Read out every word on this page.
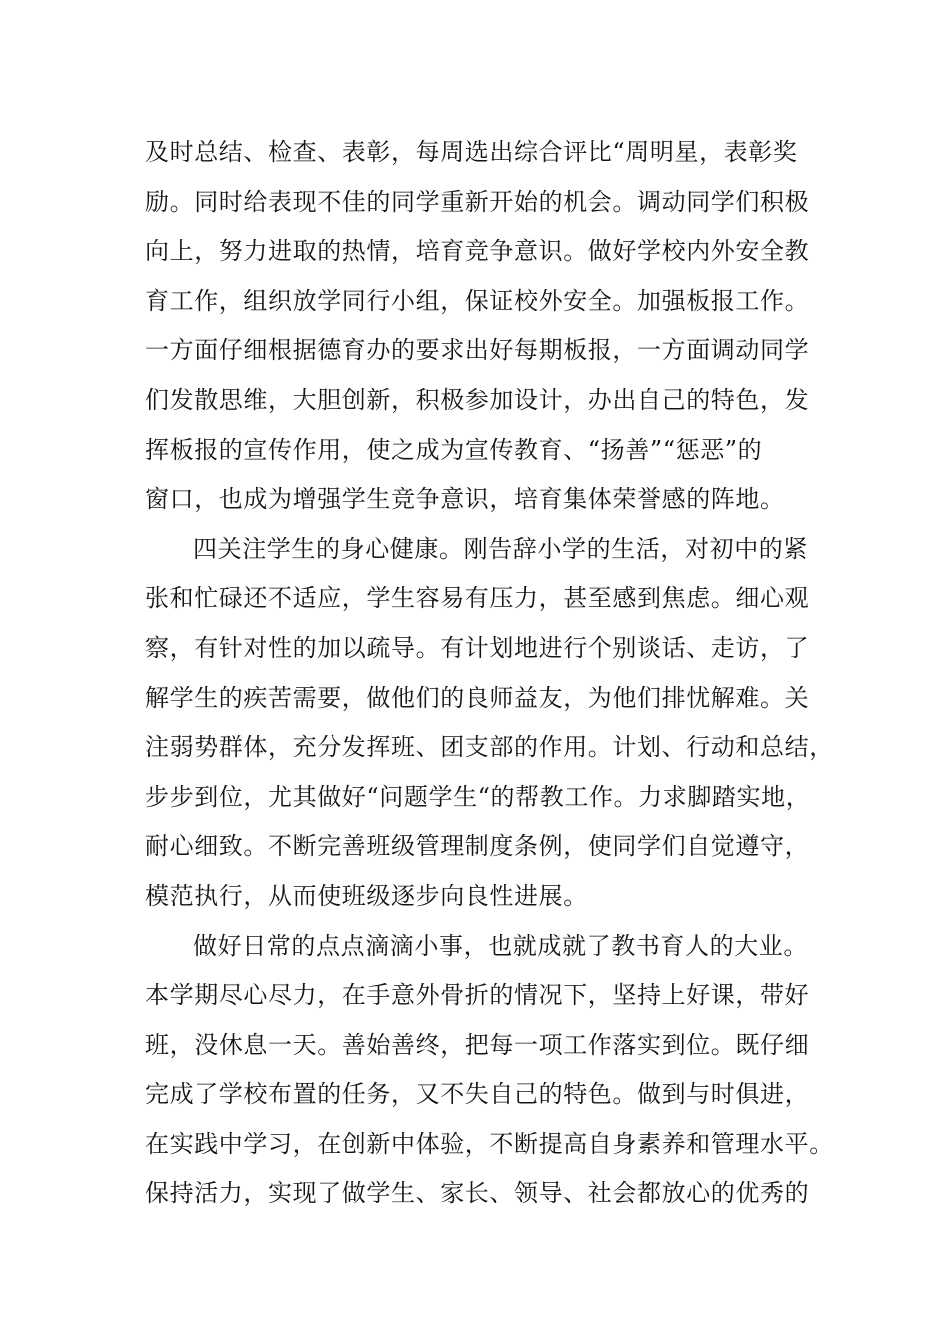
及时总结、检查、表彰，每周选出综合评比“周明星，表彰奖
励。同时给表现不佳的同学重新开始的机会。调动同学们积极
向上，努力进取的热情，培育竞争意识。做好学校内外安全教
育工作，组织放学同行小组，保证校外安全。加强板报工作。
一方面仔细根据德育办的要求出好每期板报，一方面调动同学
们发散思维，大胆创新，积极参加设计，办出自己的特色，发
挥板报的宣传作用，使之成为宣传教育、“扬善”“惩恶”的
窗口，也成为增强学生竞争意识，培育集体荣誉感的阵地。
四关注学生的身心健康。刚告辞小学的生活，对初中的紧
张和忙碌还不适应，学生容易有压力，甚至感到焦虑。细心观
察，有针对性的加以疏导。有计划地进行个别谈话、走访，了
解学生的疾苦需要，做他们的良师益友，为他们排忧解难。关
注弱势群体，充分发挥班、团支部的作用。计划、行动和总结，
步步到位，尤其做好“问题学生“的帮教工作。力求脚踏实地，
耐心细致。不断完善班级管理制度条例，使同学们自觉遵守，
模范执行，从而使班级逐步向良性进展。
做好日常的点点滴滴小事，也就成就了教书育人的大业。
本学期尽心尽力，在手意外骨折的情况下，坚持上好课，带好
班，没休息一天。善始善终，把每一项工作落实到位。既仔细
完成了学校布置的任务，又不失自己的特色。做到与时俱进，
在实践中学习，在创新中体验，不断提高自身素养和管理水平。
保持活力，实现了做学生、家长、领导、社会都放心的优秀的
